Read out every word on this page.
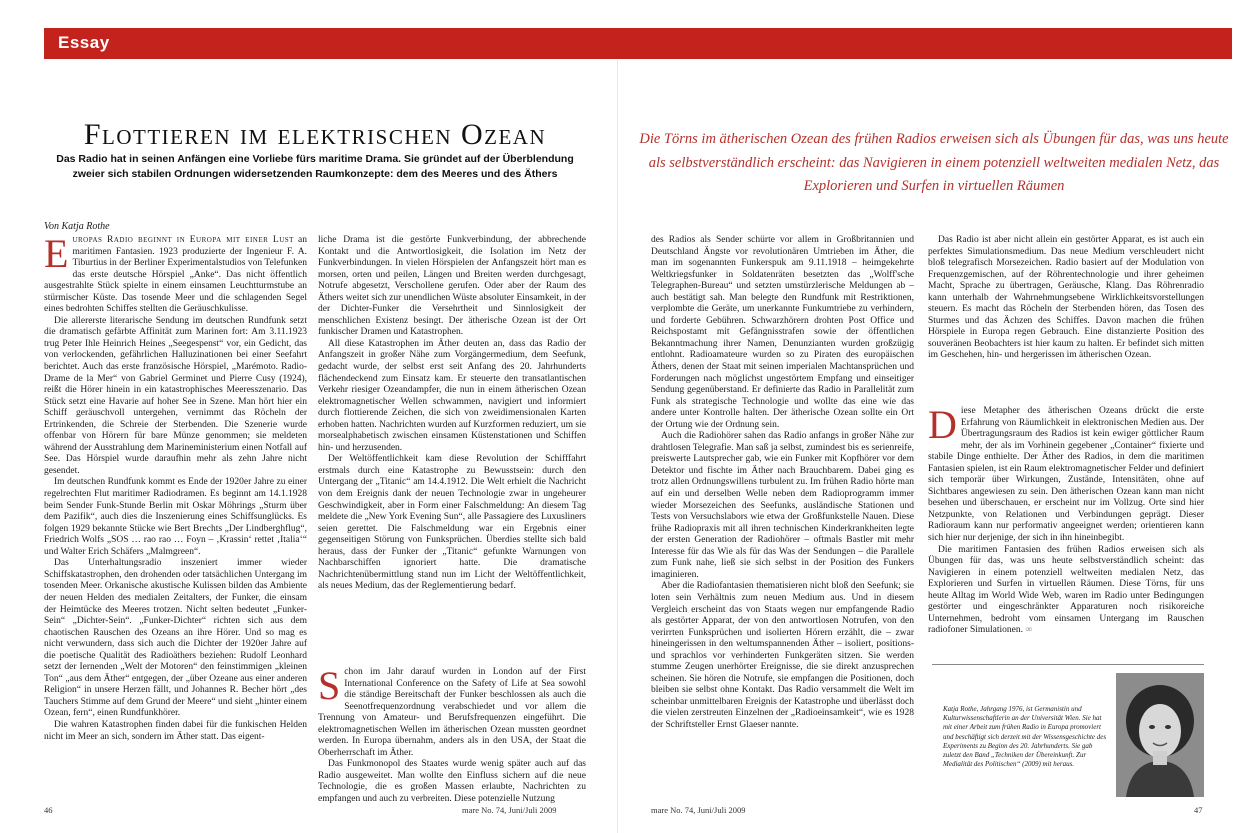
Essay
Flottieren im elektrischen Ozean

Das Radio hat in seinen Anfängen eine Vorliebe fürs maritime Drama. Sie gründet auf der Überblendung zweier sich stabilen Ordnungen widersetzenden Raumkonzepte: dem des Meeres und des Äthers

Von Katja Rothe

Die Törns im ätherischen Ozean des frühen Radios erweisen sich als Übungen für das, was uns heute als selbstverständlich erscheint: das Navigieren in einem potenziell weltweiten medialen Netz, das Explorieren und Surfen in virtuellen Räumen

Europas Radio beginnt in Europa mit einer Lust an maritimen Fantasien. 1923 produzierte der Ingenieur F. A. Tiburtius in der Berliner Experimentalstudios von Telefunken das erste deutsche Hörspiel „Anke“. Das nicht öffentlich ausgestrahlte Stück spielte in einem einsamen Leuchtturmstube an stürmischer Küste. Das tosende Meer und die schlagenden Segel eines bedrohten Schiffes stellten die Geräuschkulisse.

Die allererste literarische Sendung im deutschen Rundfunk setzt die dramatisch gefärbte Affinität zum Marinen fort: Am 3.11.1923 trug Peter Ihle Heinrich Heines „Seegespenst“ vor, ein Gedicht, das von verlockenden, gefährlichen Halluzinationen bei einer Seefahrt berichtet. Auch das erste französische Hörspiel, „Marémoto. Radio-Drame de la Mer“ von Gabriel Germinet und Pierre Cusy (1924), reißt die Hörer hinein in ein katastrophisches Meeresszenario. Das Stück setzt eine Havarie auf hoher See in Szene. Man hört hier ein Schiff geräuschvoll untergehen, vernimmt das Röcheln der Ertrinkenden, die Schreie der Sterbenden. Die Szenerie wurde offenbar von Hörern für bare Münze genommen; sie meldeten während der Ausstrahlung dem Marineministerium einen Notfall auf See. Das Hörspiel wurde daraufhin mehr als zehn Jahre nicht gesendet.

Im deutschen Rundfunk kommt es Ende der 1920er Jahre zu einer regelrechten Flut maritimer Radiodramen. Es beginnt am 14.1.1928 beim Sender Funk-Stunde Berlin mit Oskar Möhrings „Sturm über dem Pazifik“, auch dies die Inszenierung eines Schiffsunglücks. Es folgen 1929 bekannte Stücke wie Bert Brechts „Der Lindberghflug“, Friedrich Wolfs „SOS … rao rao … Foyn – ‚Krassin‘ rettet ‚Italia‘“ und Walter Erich Schäfers „Malmgreen“.

Das Unterhaltungsradio inszeniert immer wieder Schiffskatastrophen, den drohenden oder tatsächlichen Untergang im tosenden Meer. Orkanische akustische Kulissen bilden das Ambiente der neuen Helden des medialen Zeitalters, der Funker, die einsam der Heimtücke des Meeres trotzen. Nicht selten bedeutet „Funker-Sein“ „Dichter-Sein“. „Funker-Dichter“ richten sich aus dem chaotischen Rauschen des Ozeans an ihre Hörer. Und so mag es nicht verwundern, dass sich auch die Dichter der 1920er Jahre auf die poetische Qualität des Radioäthers beziehen: Rudolf Leonhard setzt der Iernenden „Welt der Motoren“ den feinstimmigen „kleinen Ton“ „aus dem Äther“ entgegen, der „über Ozeane aus einer anderen Religion“ in unsere Herzen fällt, und Johannes R. Becher hört „des Tauchers Stimme auf dem Grund der Meere“ und sieht „hinter einem Ozean, fern“, einen Rundfunkhörer.

Die wahren Katastrophen finden dabei für die funkischen Helden nicht im Meer an sich, sondern im Äther statt. Das eigent-

liche Drama ist die gestörte Funkverbindung, der abbrechende Kontakt und die Antwortlosigkeit, die Isolation im Netz der Funkverbindungen. In vielen Hörspielen der Anfangszeit hört man es morsen, orten und peilen, Längen und Breiten werden durchgesagt, Notrufe abgesetzt, Verschollene gerufen. Oder aber der Raum des Äthers weitet sich zur unendlichen Wüste absoluter Einsamkeit, in der der Dichter-Funker die Versehrtheit und Sinnlosigkeit der menschlichen Existenz besingt. Der ätherische Ozean ist der Ort funkischer Dramen und Katastrophen.

All diese Katastrophen im Äther deuten an, dass das Radio der Anfangszeit in großer Nähe zum Vorgängermedium, dem Seefunk, gedacht wurde, der selbst erst seit Anfang des 20. Jahrhunderts flächendeckend zum Einsatz kam. Er steuerte den transatlantischen Verkehr riesiger Ozeandampfer, die nun in einem ätherischen Ozean elektromagnetischer Wellen schwammen, navigiert und informiert durch flottierende Zeichen, die sich von zweidimensionalen Karten erhoben hatten. Nachrichten wurden auf Kurzformen reduziert, um sie morsealphabetisch zwischen einsamen Küstenstationen und Schiffen hin- und herzusenden.

Der Weltöffentlichkeit kam diese Revolution der Schifffahrt erstmals durch eine Katastrophe zu Bewusstsein: durch den Untergang der „Titanic“ am 14.4.1912. Die Welt erhielt die Nachricht von dem Ereignis dank der neuen Technologie zwar in ungeheurer Geschwindigkeit, aber in Form einer Falschmeldung: An diesem Tag meldete die „New York Evening Sun“, alle Passagiere des Luxusliners seien gerettet. Die Falschmeldung war ein Ergebnis einer gegenseitigen Störung von Funksprüchen. Überdies stellte sich bald heraus, dass der Funker der „Titanic“ gefunkte Warnungen von Nachbarschiffen ignoriert hatte. Die dramatische Nachrichtenübermittlung stand nun im Licht der Weltöffentlichkeit, als neues Medium, das der Reglementierung bedarf.

Schon im Jahr darauf wurden in London auf der First International Conference on the Safety of Life at Sea sowohl die ständige Bereitschaft der Funker beschlossen als auch die Seenotfrequenzordnung verabschiedet und vor allem die Trennung von Amateur- und Berufsfrequenzen eingeführt. Die elektromagnetischen Wellen im ätherischen Ozean mussten geordnet werden. In Europa übernahm, anders als in den USA, der Staat die Oberherrschaft im Äther.

Das Funkmonopol des Staates wurde wenig später auch auf das Radio ausgeweitet. Man wollte den Einfluss sichern auf die neue Technologie, die es großen Massen erlaubte, Nachrichten zu empfangen und auch zu verbreiten. Diese potenzielle Nutzung

des Radios als Sender schürte vor allem in Großbritannien und Deutschland Ängste vor revolutionären Umtrieben im Äther, die man im sogenannten Funkerspuk am 9.11.1918 – heimgekehrte Weltkriegsfunker in Soldatenräten besetzten das „Wolff'sche Telegraphen-Bureau“ und setzten umstürzlerische Meldungen ab – auch bestätigt sah. Man belegte den Rundfunk mit Restriktionen, verplombte die Geräte, um unerkannte Funkumtriebe zu verhindern, und forderte Gebühren. Schwarzhörern drohten Post Office und Reichspostamt mit Gefängnisstrafen sowie der öffentlichen Bekanntmachung ihrer Namen, Denunzianten wurden großzügig entlohnt. Radioamateure wurden so zu Piraten des europäischen Äthers, denen der Staat mit seinen imperialen Machtansprüchen und Forderungen nach möglichst ungestörtem Empfang und einseitiger Sendung gegenüberstand. Er definierte das Radio in Parallelität zum Funk als strategische Technologie und wollte das eine wie das andere unter Kontrolle halten. Der ätherische Ozean sollte ein Ort der Ortung wie der Ordnung sein.

Auch die Radiohörer sahen das Radio anfangs in großer Nähe zur drahtlosen Telegrafie. Man saß ja selbst, zumindest bis es serienreife, preiswerte Lautsprecher gab, wie ein Funker mit Kopfhörer vor dem Detektor und fischte im Äther nach Brauchbarem. Dabei ging es trotz allen Ordnungswillens turbulent zu. Im frühen Radio hörte man auf ein und derselben Welle neben dem Radioprogramm immer wieder Morsezeichen des Seefunks, ausländische Stationen und Tests von Versuchslabors wie etwa der Großfunkstelle Nauen. Diese frühe Radiopraxis mit all ihren technischen Kinderkrankheiten legte der ersten Generation der Radiohörer – oftmals Bastler mit mehr Interesse für das Wie als für das Was der Sendungen – die Parallele zum Funk nahe, ließ sie sich selbst in der Position des Funkers imaginieren.

Aber die Radiofantasien thematisieren nicht bloß den Seefunk; sie loten sein Verhältnis zum neuen Medium aus. Und in diesem Vergleich erscheint das von Staats wegen nur empfangende Radio als gestörter Apparat, der von den antwortlosen Notrufen, von den verirrten Funksprüchen und isolierten Hörern erzählt, die – zwar hineingerissen in den weltumspannenden Äther – isoliert, positions- und sprachlos vor verhinderten Funkgeräten sitzen. Sie werden stumme Zeugen unerhörter Ereignisse, die sie direkt anzusprechen scheinen. Sie hören die Notrufe, sie empfangen die Positionen, doch bleiben sie selbst ohne Kontakt. Das Radio versammelt die Welt im scheinbar unmittelbaren Ereignis der Katastrophe und überlässt doch die vielen zerstreuten Einzelnen der „Radioeinsamkeit“, wie es 1928 der Schriftsteller Ernst Glaeser nannte.

Das Radio ist aber nicht allein ein gestörter Apparat, es ist auch ein perfektes Simulationsmedium. Das neue Medium verschleudert nicht bloß telegrafisch Morsezeichen. Radio basiert auf der Modulation von Frequenzgemischen, auf der Röhrentechnologie und ihrer geheimen Macht, Sprache zu übertragen, Geräusche, Klang. Das Röhrenradio kann unterhalb der Wahrnehmungsebene Wirklichkeitsvorstellungen steuern. Es macht das Röcheln der Sterbenden hören, das Tosen des Sturmes und das Ächzen des Schiffes. Davon machen die frühen Hörspiele in Europa regen Gebrauch. Eine distanzierte Position des souveränen Beobachters ist hier kaum zu halten. Er befindet sich mitten im Geschehen, hin- und hergerissen im ätherischen Ozean.

Diese Metapher des ätherischen Ozeans drückt die erste Erfahrung von Räumlichkeit in elektronischen Medien aus. Der Übertragungsraum des Radios ist kein ewiger göttlicher Raum mehr, der als im Vorhinein gegebener „Container“ fixierte und stabile Dinge enthielte. Der Äther des Radios, in dem die maritimen Fantasien spielen, ist ein Raum elektromagnetischer Felder und definiert sich temporär über Wirkungen, Zustände, Intensitäten, ohne auf Sichtbares angewiesen zu sein. Den ätherischen Ozean kann man nicht besehen und überschauen, er erscheint nur im Vollzug. Orte sind hier Netzpunkte, von Relationen und Verbindungen geprägt. Dieser Radioraum kann nur performativ angeeignet werden; orientieren kann sich hier nur derjenige, der sich in ihn hineinbegibt.

Die maritimen Fantasien des frühen Radios erweisen sich als Übungen für das, was uns heute selbstverständlich scheint: das Navigieren in einem potenziell weltweiten medialen Netz, das Explorieren und Surfen in virtuellen Räumen. Diese Törns, für uns heute Alltag im World Wide Web, waren im Radio unter Bedingungen gestörter und eingeschränkter Apparaturen noch risikoreiche Unternehmen, bedroht vom einsamen Untergang im Rauschen radiofoner Simulationen. ∞

Katja Rothe, Jahrgang 1976, ist Germanistin und Kulturwissenschaftlerin an der Universität Wien. Sie hat mit einer Arbeit zum frühen Radio in Europa promoviert und beschäftigt sich derzeit mit der Wissensgeschichte des Experiments zu Beginn des 20. Jahrhunderts. Sie gab zuletzt den Band „Techniken der Übereinkunft. Zur Medialität des Politischen“ (2009) mit heraus.
46	mare No. 74, Juni/Juli 2009	mare No. 74, Juni/Juli 2009	47
